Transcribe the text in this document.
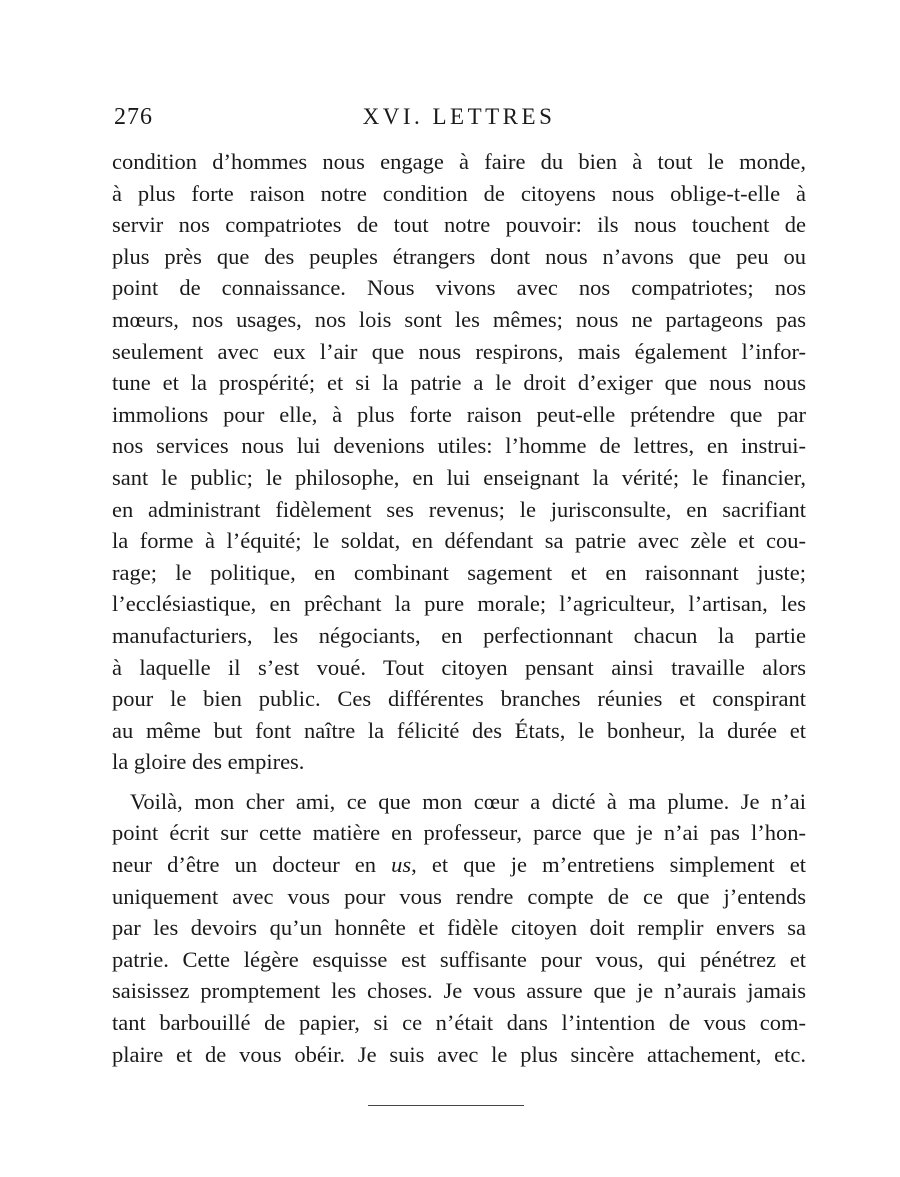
276	XVI. LETTRES
condition d’hommes nous engage à faire du bien à tout le monde,
à plus forte raison notre condition de citoyens nous oblige-t-elle à
servir nos compatriotes de tout notre pouvoir: ils nous touchent de
plus près que des peuples étrangers dont nous n’avons que peu ou
point de connaissance. Nous vivons avec nos compatriotes; nos
mœurs, nos usages, nos lois sont les mêmes; nous ne partageons pas
seulement avec eux l’air que nous respirons, mais également l’infor-
tune et la prospérité; et si la patrie a le droit d’exiger que nous nous
immolions pour elle, à plus forte raison peut-elle prétendre que par
nos services nous lui devenions utiles: l’homme de lettres, en instrui-
sant le public; le philosophe, en lui enseignant la vérité; le financier,
en administrant fidèlement ses revenus; le jurisconsulte, en sacrifiant
la forme à l’équité; le soldat, en défendant sa patrie avec zèle et cou-
rage; le politique, en combinant sagement et en raisonnant juste;
l’ecclésiastique, en prêchant la pure morale; l’agriculteur, l’artisan, les
manufacturiers, les négociants, en perfectionnant chacun la partie
à laquelle il s’est voué. Tout citoyen pensant ainsi travaille alors
pour le bien public. Ces différentes branches réunies et conspirant
au même but font naître la félicité des États, le bonheur, la durée et
la gloire des empires.
Voilà, mon cher ami, ce que mon cœur a dicté à ma plume. Je n’ai
point écrit sur cette matière en professeur, parce que je n’ai pas l’hon-
neur d’être un docteur en us, et que je m’entretiens simplement et
uniquement avec vous pour vous rendre compte de ce que j’entends
par les devoirs qu’un honnête et fidèle citoyen doit remplir envers sa
patrie. Cette légère esquisse est suffisante pour vous, qui pénétrez et
saisissez promptement les choses. Je vous assure que je n’aurais jamais
tant barbouillé de papier, si ce n’était dans l’intention de vous com-
plaire et de vous obéir. Je suis avec le plus sincère attachement, etc.
